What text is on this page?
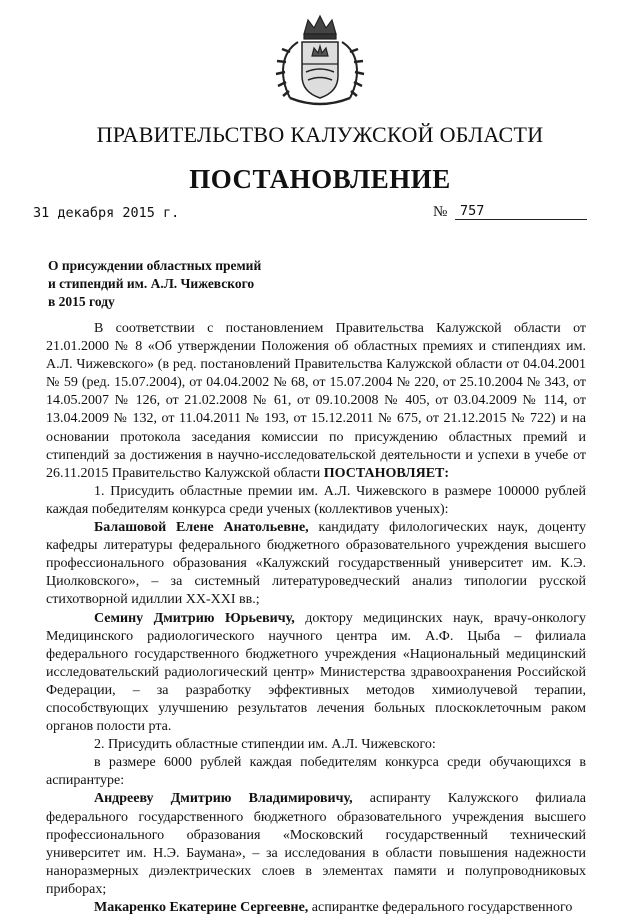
ПРАВИТЕЛЬСТВО КАЛУЖСКОЙ ОБЛАСТИ
ПОСТАНОВЛЕНИЕ
31 декабря 2015 г.	№ 757
О присуждении областных премий
и стипендий им. А.Л. Чижевского
в 2015 году

В соответствии с постановлением Правительства Калужской области от 21.01.2000 № 8 «Об утверждении Положения об областных премиях и стипендиях им. А.Л. Чижевского» (в ред. постановлений Правительства Калужской области от 04.04.2001 № 59 (ред. 15.07.2004), от 04.04.2002 № 68, от 15.07.2004 № 220, от 25.10.2004 № 343, от 14.05.2007 № 126, от 21.02.2008 № 61, от 09.10.2008 № 405, от 03.04.2009 № 114, от 13.04.2009 № 132, от 11.04.2011 № 193, от 15.12.2011 № 675, от 21.12.2015 № 722) и на основании протокола заседания комиссии по присуждению областных премий и стипендий за достижения в научно-исследовательской деятельности и успехи в учебе от 26.11.2015 Правительство Калужской области ПОСТАНОВЛЯЕТ:

1. Присудить областные премии им. А.Л. Чижевского в размере 100000 рублей каждая победителям конкурса среди ученых (коллективов ученых):

Балашовой Елене Анатольевне, кандидату филологических наук, доценту кафедры литературы федерального бюджетного образовательного учреждения высшего профессионального образования «Калужский государственный университет им. К.Э. Циолковского», – за системный литературоведческий анализ типологии русской стихотворной идиллии XX-XXI вв.;

Семину Дмитрию Юрьевичу, доктору медицинских наук, врачу-онкологу Медицинского радиологического научного центра им. А.Ф. Цыба – филиала федерального государственного бюджетного учреждения «Национальный медицинский исследовательский радиологический центр» Министерства здравоохранения Российской Федерации, – за разработку эффективных методов химиолучевой терапии, способствующих улучшению результатов лечения больных плоскоклеточным раком органов полости рта.

2. Присудить областные стипендии им. А.Л. Чижевского:

в размере 6000 рублей каждая победителям конкурса среди обучающихся в аспирантуре:

Андрееву Дмитрию Владимировичу, аспиранту Калужского филиала федерального государственного бюджетного образовательного учреждения высшего профессионального образования «Московский государственный технический университет им. Н.Э. Баумана», – за исследования в области повышения надежности наноразмерных диэлектрических слоев в элементах памяти и полупроводниковых приборах;

Макаренко Екатерине Сергеевне, аспирантке федерального государственного
